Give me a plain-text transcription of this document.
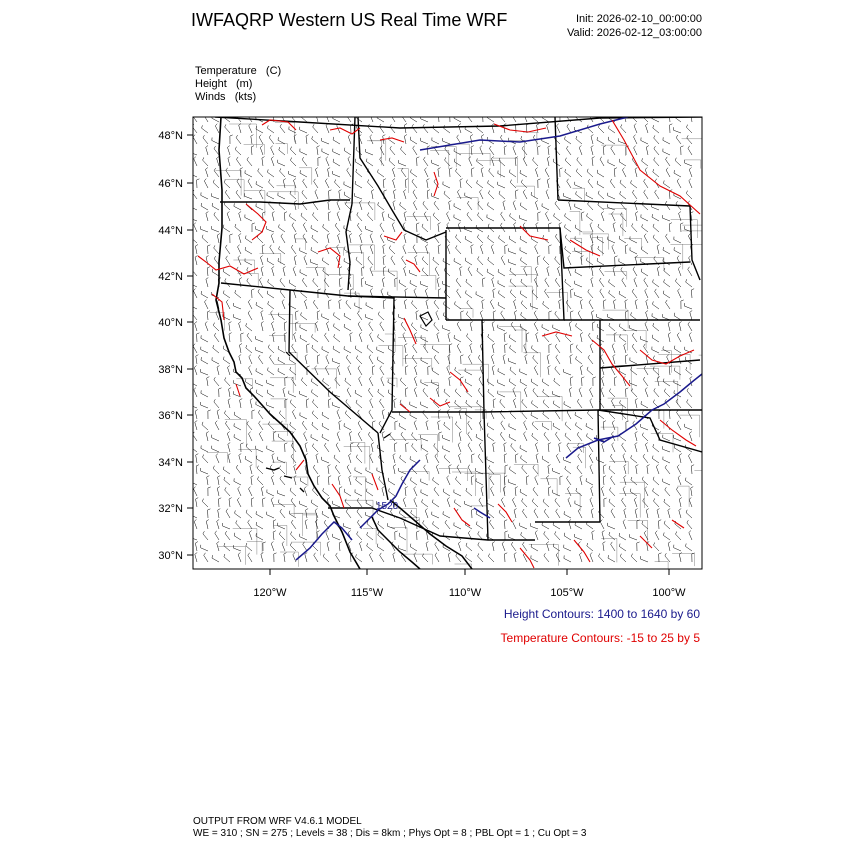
IWFAQRP Western US Real Time WRF	Init: 2026-02-10_00:00:00
Valid: 2026-02-12_03:00:00
Temperature   (C)
Height   (m)
Winds   (kts)
1520
48°N
46°N
44°N
42°N
40°N
38°N
36°N
34°N
32°N
30°N
120°W	115°W	110°W	105°W	100°W
Height Contours: 1400 to 1640 by 60
Temperature Contours: -15 to 25 by 5
OUTPUT FROM WRF V4.6.1 MODEL
WE = 310 ; SN = 275 ; Levels = 38 ; Dis = 8km ; Phys Opt = 8 ; PBL Opt = 1 ; Cu Opt = 3
